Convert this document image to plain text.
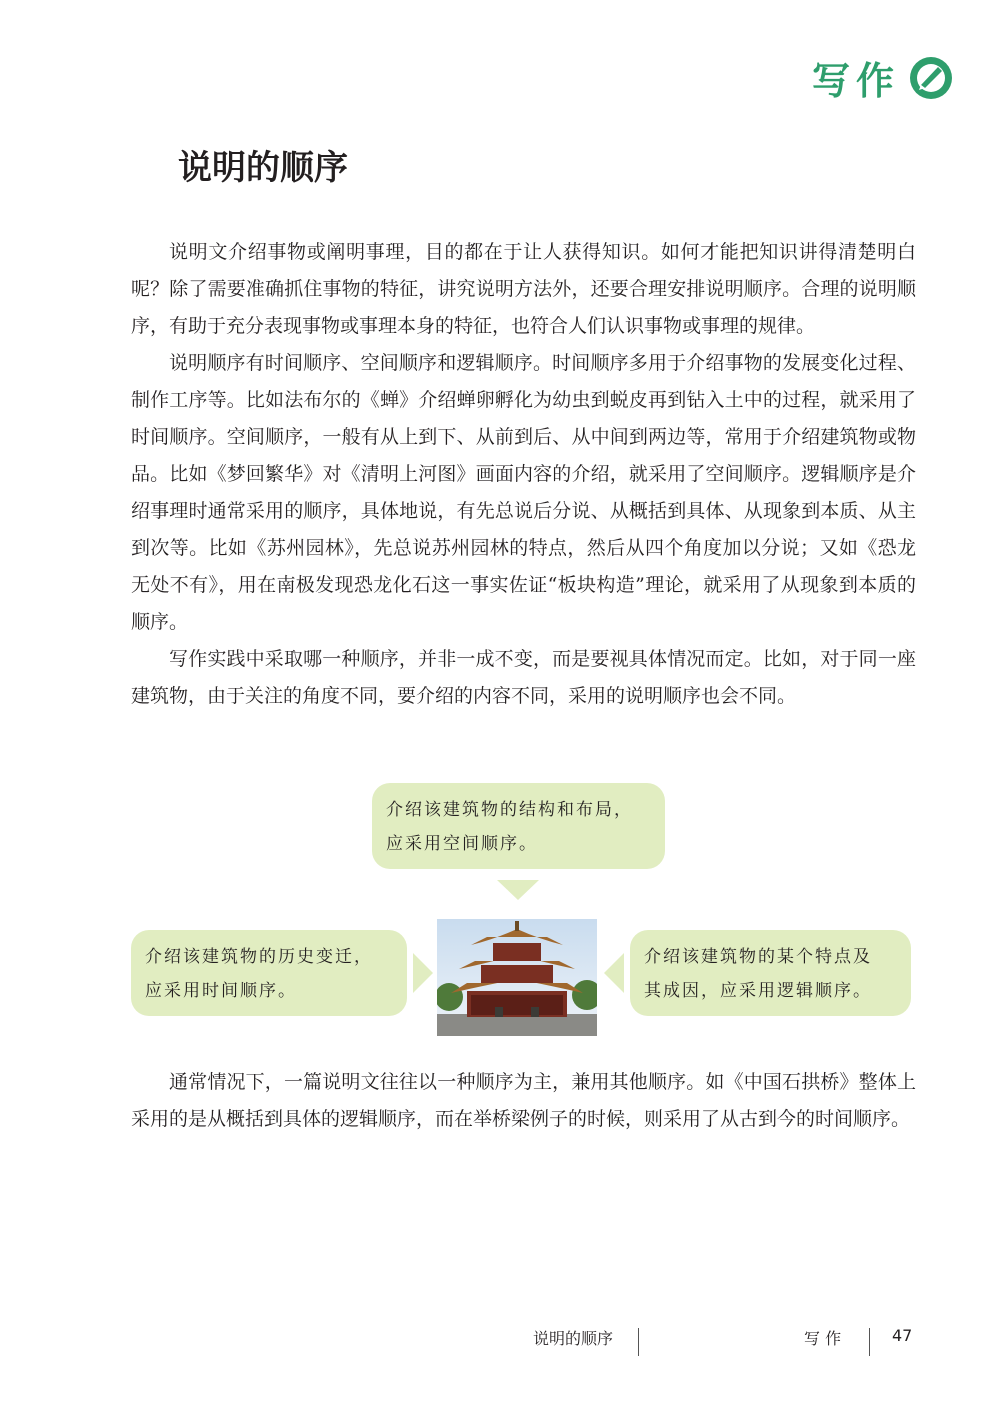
写作
说明的顺序

说明文介绍事物或阐明事理，目的都在于让人获得知识。如何才能把知识讲得清楚明白呢？除了需要准确抓住事物的特征，讲究说明方法外，还要合理安排说明顺序。合理的说明顺序，有助于充分表现事物或事理本身的特征，也符合人们认识事物或事理的规律。

说明顺序有时间顺序、空间顺序和逻辑顺序。时间顺序多用于介绍事物的发展变化过程、制作工序等。比如法布尔的《蝉》介绍蝉卵孵化为幼虫到蜕皮再到钻入土中的过程，就采用了时间顺序。空间顺序，一般有从上到下、从前到后、从中间到两边等，常用于介绍建筑物或物品。比如《梦回繁华》对《清明上河图》画面内容的介绍，就采用了空间顺序。逻辑顺序是介绍事理时通常采用的顺序，具体地说，有先总说后分说、从概括到具体、从现象到本质、从主到次等。比如《苏州园林》，先总说苏州园林的特点，然后从四个角度加以分说；又如《恐龙无处不有》，用在南极发现恐龙化石这一事实佐证“板块构造”理论，就采用了从现象到本质的顺序。

写作实践中采取哪一种顺序，并非一成不变，而是要视具体情况而定。比如，对于同一座建筑物，由于关注的角度不同，要介绍的内容不同，采用的说明顺序也会不同。

介绍该建筑物的结构和布局，
应采用空间顺序。
介绍该建筑物的历史变迁，
应采用时间顺序。
介绍该建筑物的某个特点及
其成因，应采用逻辑顺序。

通常情况下，一篇说明文往往以一种顺序为主，兼用其他顺序。如《中国石拱桥》整体上采用的是从概括到具体的逻辑顺序，而在举桥梁例子的时候，则采用了从古到今的时间顺序。

说明的顺序	写 作	47
